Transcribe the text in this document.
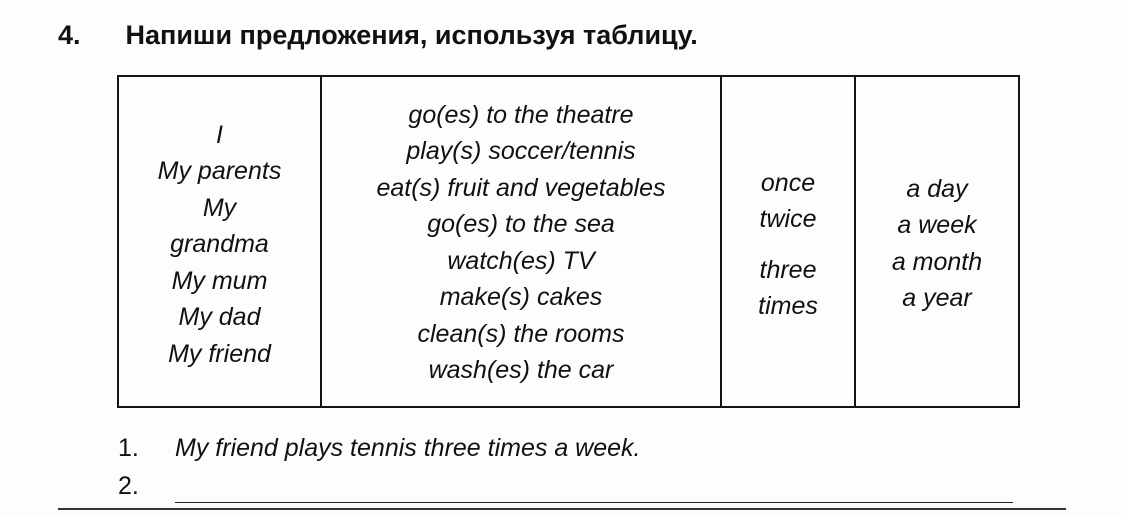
4. Напиши предложения, используя таблицу.
I
My parents
My
grandma
My mum
My dad
My friend
go(es) to the theatre
play(s) soccer/tennis
eat(s) fruit and vegetables
go(es) to the sea
watch(es) TV
make(s) cakes
clean(s) the rooms
wash(es) the car
once
twice
three
times
a day
a week
a month
a year
1. My friend plays tennis three times a week.
2.
